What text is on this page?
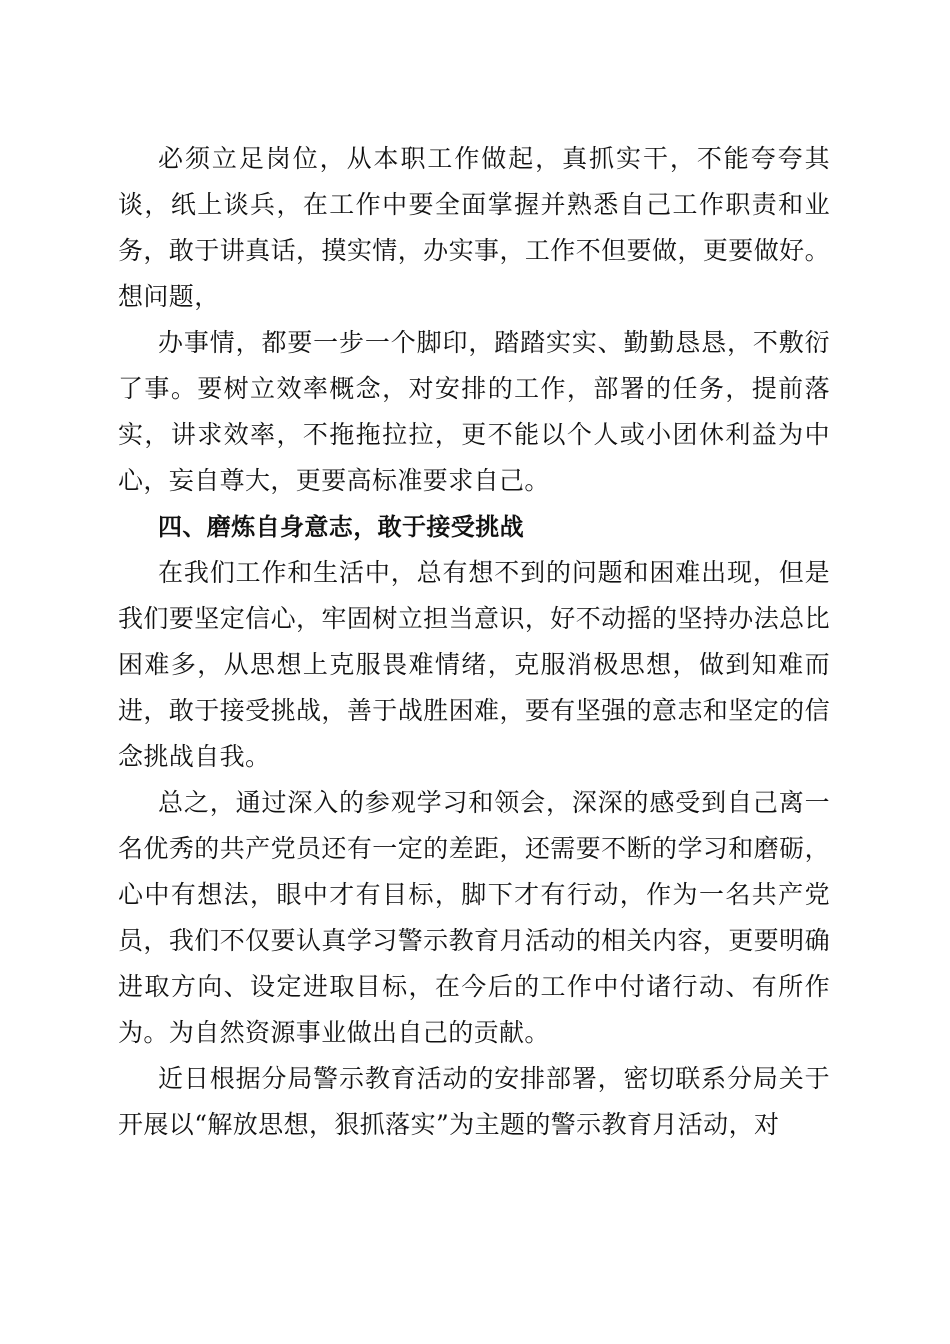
必须立足岗位，从本职工作做起，真抓实干，不能夸夸其谈，纸上谈兵，在工作中要全面掌握并熟悉自己工作职责和业务，敢于讲真话，摸实情，办实事，工作不但要做，更要做好。想问题，

办事情，都要一步一个脚印，踏踏实实、勤勤恳恳，不敷衍了事。要树立效率概念，对安排的工作，部署的任务，提前落实，讲求效率，不拖拖拉拉，更不能以个人或小团休利益为中心，妄自尊大，更要高标准要求自己。

四、磨炼自身意志，敢于接受挑战

在我们工作和生活中，总有想不到的问题和困难出现，但是我们要坚定信心，牢固树立担当意识，好不动摇的坚持办法总比困难多，从思想上克服畏难情绪，克服消极思想，做到知难而进，敢于接受挑战，善于战胜困难，要有坚强的意志和坚定的信念挑战自我。

总之，通过深入的参观学习和领会，深深的感受到自己离一名优秀的共产党员还有一定的差距，还需要不断的学习和磨砺，心中有想法，眼中才有目标，脚下才有行动，作为一名共产党员，我们不仅要认真学习警示教育月活动的相关内容，更要明确进取方向、设定进取目标，在今后的工作中付诸行动、有所作为。为自然资源事业做出自己的贡献。

近日根据分局警示教育活动的安排部署，密切联系分局关于开展以“解放思想，狠抓落实”为主题的警示教育月活动，对
